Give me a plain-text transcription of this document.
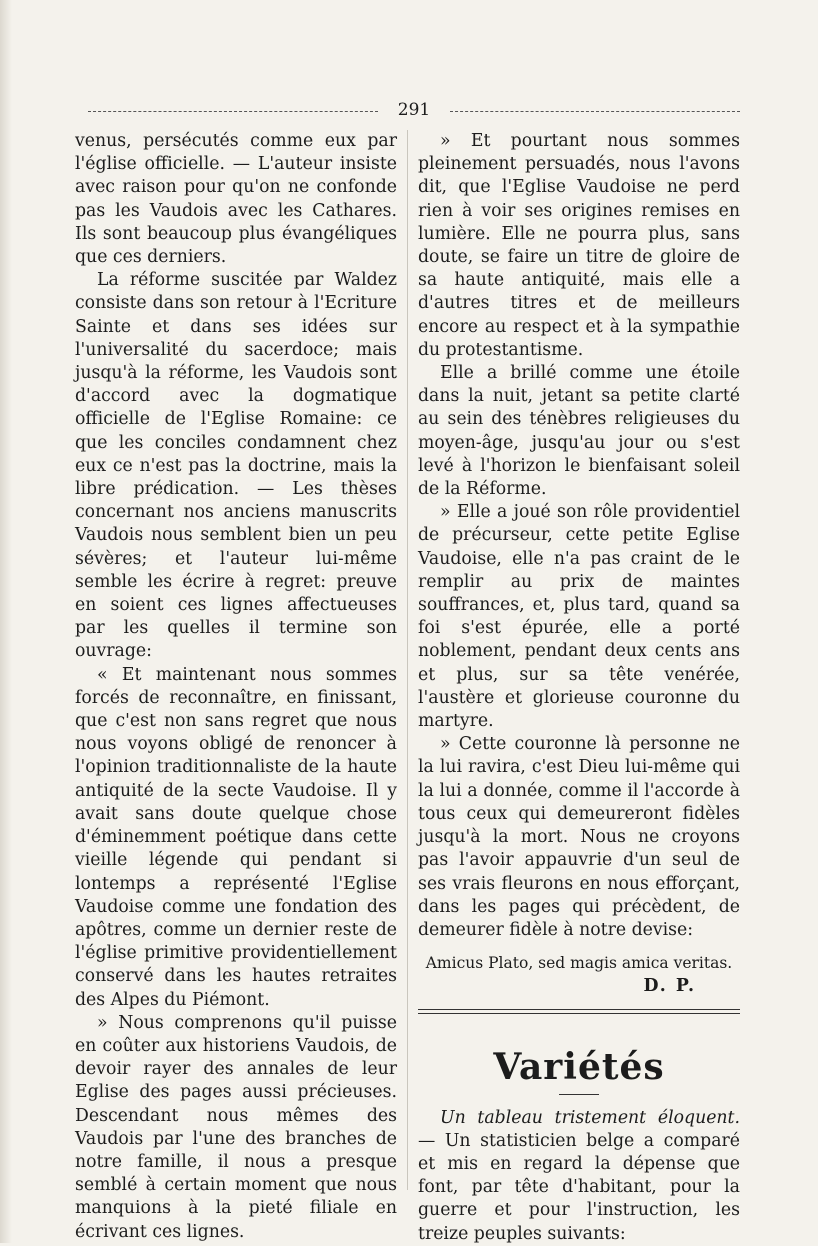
291

venus, persécutés comme eux par l'église officielle. — L'auteur insiste avec raison pour qu'on ne confonde pas les Vaudois avec les Cathares. Ils sont beaucoup plus évangéliques que ces derniers.

La réforme suscitée par Waldez consiste dans son retour à l'Ecriture Sainte et dans ses idées sur l'universalité du sacerdoce; mais jusqu'à la réforme, les Vaudois sont d'accord avec la dogmatique officielle de l'Eglise Romaine: ce que les conciles condamnent chez eux ce n'est pas la doctrine, mais la libre prédication. — Les thèses concernant nos anciens manuscrits Vaudois nous semblent bien un peu sévères; et l'auteur lui-même semble les écrire à regret: preuve en soient ces lignes affectueuses par les quelles il termine son ouvrage:

« Et maintenant nous sommes forcés de reconnaître, en finissant, que c'est non sans regret que nous nous voyons obligé de renoncer à l'opinion traditionnaliste de la haute antiquité de la secte Vaudoise. Il y avait sans doute quelque chose d'éminemment poétique dans cette vieille légende qui pendant si lontemps a représenté l'Eglise Vaudoise comme une fondation des apôtres, comme un dernier reste de l'église primitive providentiellement conservé dans les hautes retraites des Alpes du Piémont.

» Nous comprenons qu'il puisse en coûter aux historiens Vaudois, de devoir rayer des annales de leur Eglise des pages aussi précieuses. Descendant nous mêmes des Vaudois par l'une des branches de notre famille, il nous a presque semblé à certain moment que nous manquions à la pieté filiale en écrivant ces lignes.

» Et pourtant nous sommes pleinement persuadés, nous l'avons dit, que l'Eglise Vaudoise ne perd rien à voir ses origines remises en lumière. Elle ne pourra plus, sans doute, se faire un titre de gloire de sa haute antiquité, mais elle a d'autres titres et de meilleurs encore au respect et à la sympathie du protestantisme.

Elle a brillé comme une étoile dans la nuit, jetant sa petite clarté au sein des ténèbres religieuses du moyen-âge, jusqu'au jour ou s'est levé à l'horizon le bienfaisant soleil de la Réforme.

» Elle a joué son rôle providentiel de précurseur, cette petite Eglise Vaudoise, elle n'a pas craint de le remplir au prix de maintes souffrances, et, plus tard, quand sa foi s'est épurée, elle a porté noblement, pendant deux cents ans et plus, sur sa tête venérée, l'austère et glorieuse couronne du martyre.

» Cette couronne là personne ne la lui ravira, c'est Dieu lui-même qui la lui a donnée, comme il l'accorde à tous ceux qui demeureront fidèles jusqu'à la mort. Nous ne croyons pas l'avoir appauvrie d'un seul de ses vrais fleurons en nous efforçant, dans les pages qui précèdent, de demeurer fidèle à notre devise:

Amicus Plato, sed magis amica veritas.

D. P.

Variétés

Un tableau tristement éloquent. — Un statisticien belge a comparé et mis en regard la dépense que font, par tête d'habitant, pour la guerre et pour l'instruction, les treize peuples suivants:
